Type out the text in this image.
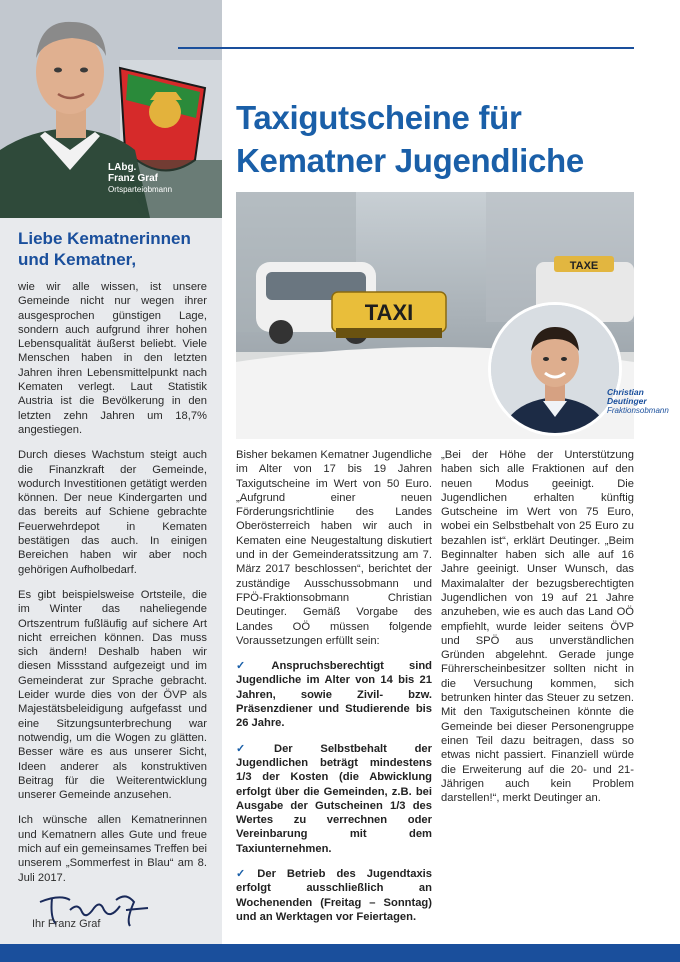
LAbg.
Franz Graf
Ortsparteiobmann
Liebe Kematnerinnen
und Kematner,

wie wir alle wissen, ist unsere Gemeinde nicht nur wegen ihrer ausgesprochen günstigen Lage, sondern auch aufgrund ihrer hohen Lebensqualität äußerst beliebt. Viele Menschen haben in den letzten Jahren ihren Lebensmittelpunkt nach Kematen verlegt. Laut Statistik Austria ist die Bevölkerung in den letzten zehn Jahren um 18,7% angestiegen.

Durch dieses Wachstum steigt auch die Finanzkraft der Gemeinde, wodurch Investitionen getätigt werden können. Der neue Kindergarten und das bereits auf Schiene gebrachte Feuerwehrdepot in Kematen bestätigen das auch. In einigen Bereichen haben wir aber noch gehörigen Aufholbedarf.

Es gibt beispielsweise Ortsteile, die im Winter das naheliegende Ortszentrum fußläufig auf sichere Art nicht erreichen können. Das muss sich ändern! Deshalb haben wir diesen Missstand aufgezeigt und im Gemeinderat zur Sprache gebracht. Leider wurde dies von der ÖVP als Majestätsbeleidigung aufgefasst und eine Sitzungsunterbrechung war notwendig, um die Wogen zu glätten. Besser wäre es aus unserer Sicht, Ideen anderer als konstruktiven Beitrag für die Weiterentwicklung unserer Gemeinde anzusehen.

Ich wünsche allen Kematnerinnen und Kematnern alles Gute und freue mich auf ein gemeinsames Treffen bei unserem „Sommerfest in Blau“ am 8. Juli 2017.

Ihr Franz Graf
Taxigutscheine für
Kematner Jugendliche
TAXE
TAXI
Christian
Deutinger
Fraktionsobmann

Bisher bekamen Kematner Jugendliche im Alter von 17 bis 19 Jahren Taxigutscheine im Wert von 50 Euro. „Aufgrund einer neuen Förderungsrichtlinie des Landes Oberösterreich haben wir auch in Kematen eine Neugestaltung diskutiert und in der Gemeinderatssitzung am 7. März 2017 beschlossen“, berichtet der zuständige Ausschussobmann und FPÖ-Fraktionsobmann Christian Deutinger. Gemäß Vorgabe des Landes OÖ müssen folgende Voraussetzungen erfüllt sein:

✓ Anspruchsberechtigt sind Jugendliche im Alter von 14 bis 21 Jahren, sowie Zivil- bzw. Präsenzdiener und Studierende bis 26 Jahre.

✓ Der Selbstbehalt der Jugendlichen beträgt mindestens 1/3 der Kosten (die Abwicklung erfolgt über die Gemeinden, z.B. bei Ausgabe der Gutscheinen 1/3 des Wertes zu verrechnen oder Vereinbarung mit dem Taxiunternehmen.

✓ Der Betrieb des Jugendtaxis erfolgt ausschließlich an Wochenenden (Freitag – Sonntag) und an Werktagen vor Feiertagen.

„Bei der Höhe der Unterstützung haben sich alle Fraktionen auf den neuen Modus geeinigt. Die Jugendlichen erhalten künftig Gutscheine im Wert von 75 Euro, wobei ein Selbstbehalt von 25 Euro zu bezahlen ist“, erklärt Deutinger. „Beim Beginnalter haben sich alle auf 16 Jahre geeinigt. Unser Wunsch, das Maximalalter der bezugsberechtigten Jugendlichen von 19 auf 21 Jahre anzuheben, wie es auch das Land OÖ empfiehlt, wurde leider seitens ÖVP und SPÖ aus unverständlichen Gründen abgelehnt. Gerade junge Führerscheinbesitzer sollten nicht in die Versuchung kommen, sich betrunken hinter das Steuer zu setzen. Mit den Taxigutscheinen könnte die Gemeinde bei dieser Personengruppe einen Teil dazu beitragen, dass so etwas nicht passiert. Finanziell würde die Erweiterung auf die 20- und 21-Jährigen auch kein Problem darstellen!“, merkt Deutinger an.
